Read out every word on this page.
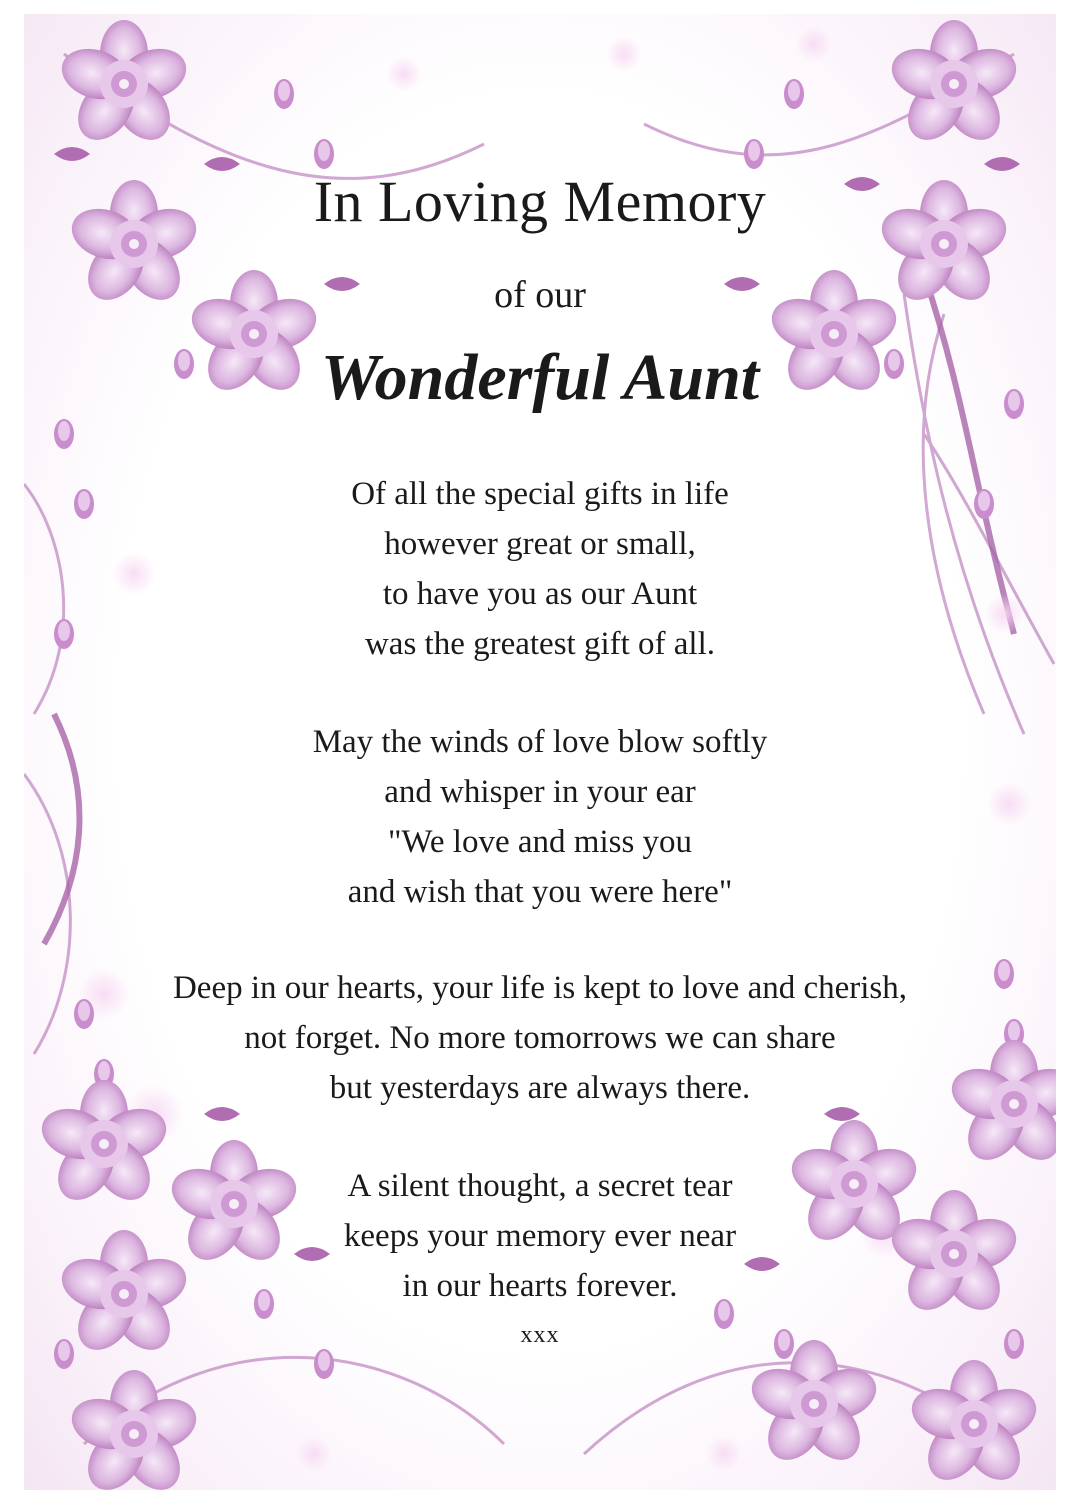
In Loving Memory
of our
Wonderful Aunt
Of all the special gifts in life
however great or small,
to have you as our Aunt
was the greatest gift of all.
May the winds of love blow softly
and whisper in your ear
"We love and miss you
and wish that you were here"
Deep in our hearts, your life is kept to love and cherish,
not forget. No more tomorrows we can share
but yesterdays are always there.
A silent thought, a secret tear
keeps your memory ever near
in our hearts forever.
xxx
